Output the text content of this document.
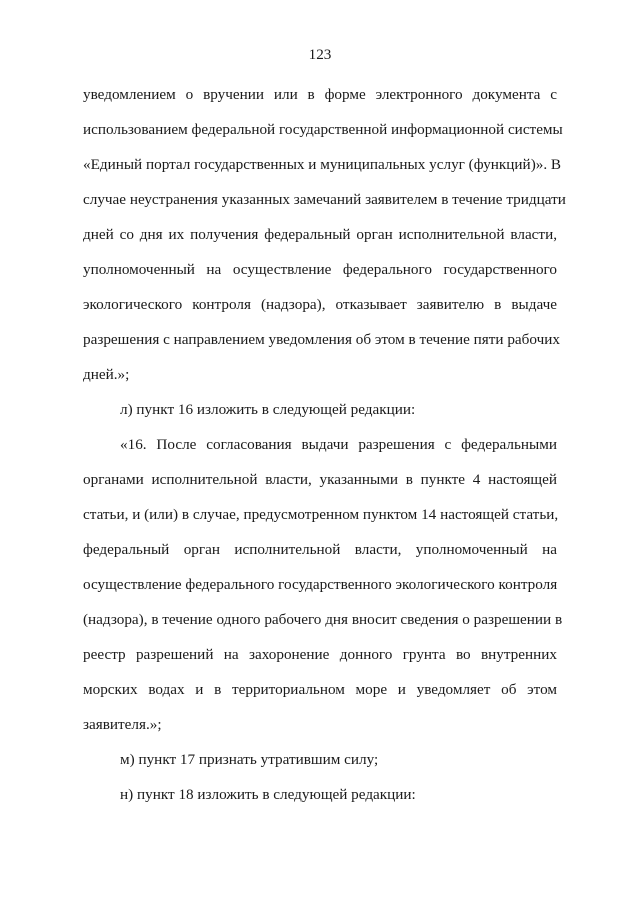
123
уведомлением о вручении или в форме электронного документа с
использованием федеральной государственной информационной системы
«Единый портал государственных и муниципальных услуг (функций)». В
случае неустранения указанных замечаний заявителем в течение тридцати
дней со дня их получения федеральный орган исполнительной власти,
уполномоченный на осуществление федерального государственного
экологического контроля (надзора), отказывает заявителю в выдаче
разрешения с направлением уведомления об этом в течение пяти рабочих
дней.»;
л) пункт 16 изложить в следующей редакции:
«16. После согласования выдачи разрешения с федеральными
органами исполнительной власти, указанными в пункте 4 настоящей
статьи, и (или) в случае, предусмотренном пунктом 14 настоящей статьи,
федеральный орган исполнительной власти, уполномоченный на
осуществление федерального государственного экологического контроля
(надзора), в течение одного рабочего дня вносит сведения о разрешении в
реестр разрешений на захоронение донного грунта во внутренних
морских водах и в территориальном море и уведомляет об этом
заявителя.»;
м) пункт 17 признать утратившим силу;
н) пункт 18 изложить в следующей редакции:
